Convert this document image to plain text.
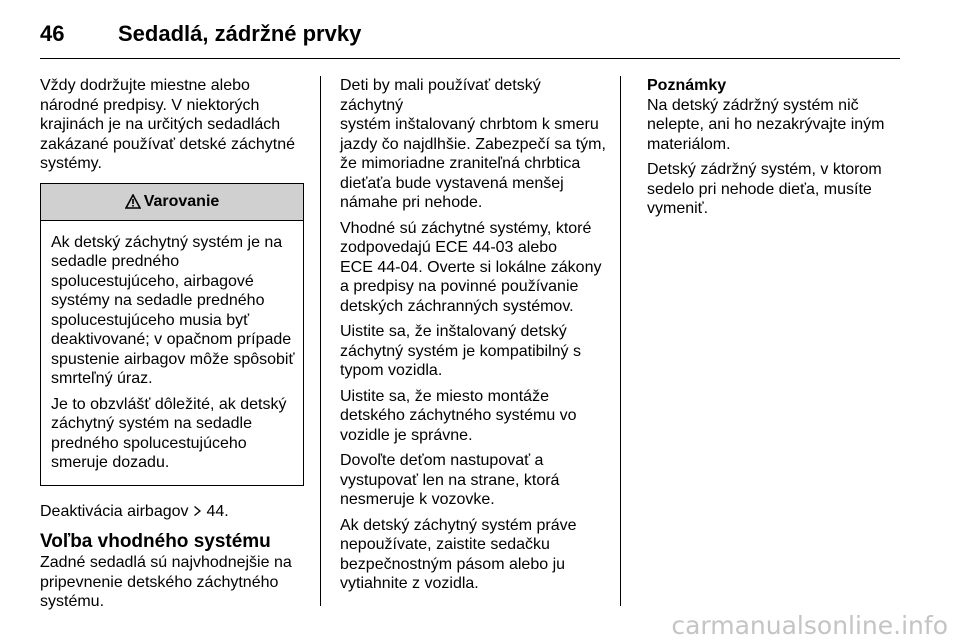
46	Sedadlá, zádržné prvky

Vždy dodržujte miestne alebo
národné predpisy. V niektorých
krajinách je na určitých sedadlách
zakázané používať detské záchytné
systémy.

Varovanie

Ak detský záchytný systém je na
sedadle predného
spolucestujúceho, airbagové
systémy na sedadle predného
spolucestujúceho musia byť
deaktivované; v opačnom prípade
spustenie airbagov môže spôsobiť
smrteľný úraz.

Je to obzvlášť dôležité, ak detský
záchytný systém na sedadle
predného spolucestujúceho
smeruje dozadu.

Deaktivácia airbagov 44.

Voľba vhodného systému

Zadné sedadlá sú najvhodnejšie na
pripevnenie detského záchytného
systému.

Deti by mali používať detský záchytný
systém inštalovaný chrbtom k smeru
jazdy čo najdlhšie. Zabezpečí sa tým,
že mimoriadne zraniteľná chrbtica
dieťaťa bude vystavená menšej
námahe pri nehode.

Vhodné sú záchytné systémy, ktoré
zodpovedajú ECE 44-03 alebo
ECE 44-04. Overte si lokálne zákony
a predpisy na povinné používanie
detských záchranných systémov.

Uistite sa, že inštalovaný detský
záchytný systém je kompatibilný s
typom vozidla.

Uistite sa, že miesto montáže
detského záchytného systému vo
vozidle je správne.

Dovoľte deťom nastupovať a
vystupovať len na strane, ktorá
nesmeruje k vozovke.

Ak detský záchytný systém práve
nepoužívate, zaistite sedačku
bezpečnostným pásom alebo ju
vytiahnite z vozidla.

Poznámky

Na detský zádržný systém nič
nelepte, ani ho nezakrývajte iným
materiálom.

Detský zádržný systém, v ktorom
sedelo pri nehode dieťa, musíte
vymeniť.

carmanualsonline.info
